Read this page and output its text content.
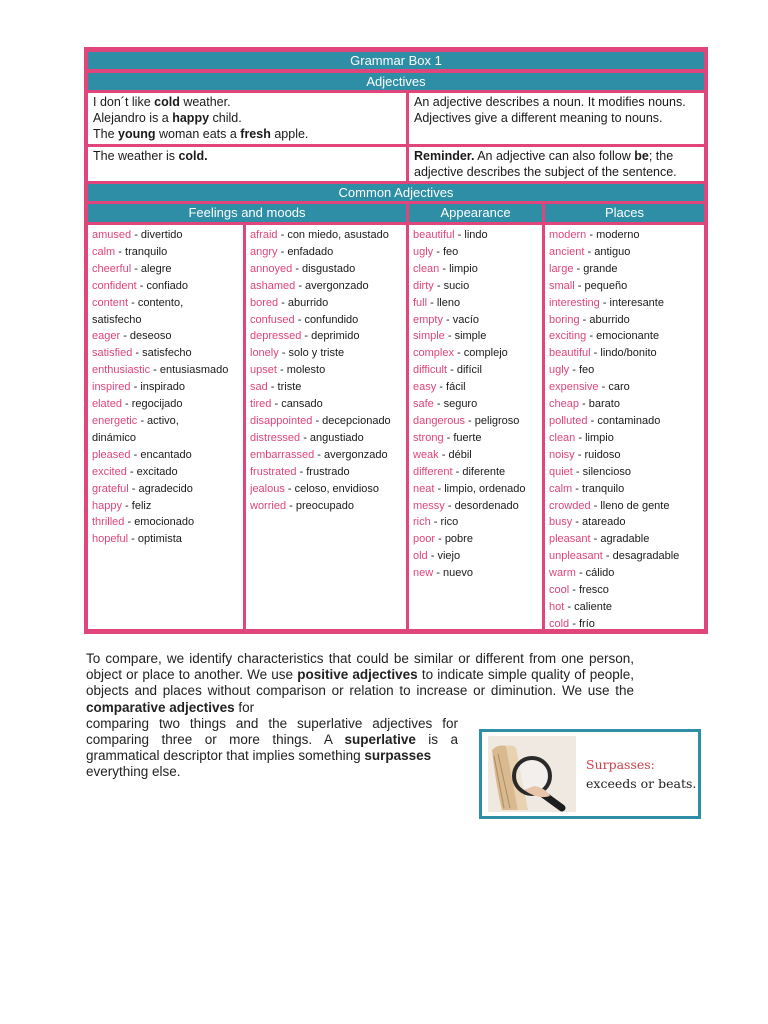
Grammar Box 1
Adjectives
I don´t like cold weather.
Alejandro is a happy child.
The young woman eats a fresh apple.
An adjective describes a noun. It modifies nouns.
Adjectives give a different meaning to nouns.
The weather is cold.	Reminder. An adjective can also follow be; the adjective describes the subject of the sentence.
Common Adjectives
Feelings and moods	Appearance	Places
amused - divertido
calm - tranquilo
cheerful - alegre
confident - confiado
content - contento,
satisfecho
eager - deseoso
satisfied - satisfecho
enthusiastic - entusiasmado
inspired - inspirado
elated - regocijado
energetic - activo,
dinámico
pleased - encantado
excited - excitado
grateful - agradecido
happy - feliz
thrilled - emocionado
hopeful - optimista
afraid - con miedo, asustado
angry - enfadado
annoyed - disgustado
ashamed - avergonzado
bored - aburrido
confused - confundido
depressed - deprimido
lonely - solo y triste
upset - molesto
sad - triste
tired - cansado
disappointed - decepcionado
distressed - angustiado
embarrassed - avergonzado
frustrated - frustrado
jealous - celoso, envidioso
worried - preocupado
beautiful - lindo
ugly - feo
clean - limpio
dirty - sucio
full - lleno
empty - vacío
simple - simple
complex - complejo
difficult - difícil
easy - fácil
safe - seguro
dangerous - peligroso
strong - fuerte
weak - débil
different - diferente
neat - limpio, ordenado
messy - desordenado
rich - rico
poor - pobre
old - viejo
new - nuevo
modern - moderno
ancient - antiguo
large - grande
small - pequeño
interesting - interesante
boring - aburrido
exciting - emocionante
beautiful - lindo/bonito
ugly - feo
expensive - caro
cheap - barato
polluted - contaminado
clean - limpio
noisy - ruidoso
quiet - silencioso
calm - tranquilo
crowded - lleno de gente
busy - atareado
pleasant - agradable
unpleasant - desagradable
warm - cálido
cool - fresco
hot - caliente
cold - frío

To compare, we identify characteristics that could be similar or different from one person, object or place to another. We use positive adjectives to indicate simple quality of people, objects and places without comparison or relation to increase or diminution. We use the comparative adjectives for

comparing two things and the superlative adjectives for comparing three or more things. A superlative is a grammatical descriptor that implies something surpasses

everything else.	Surpasses:
exceeds or beats.
